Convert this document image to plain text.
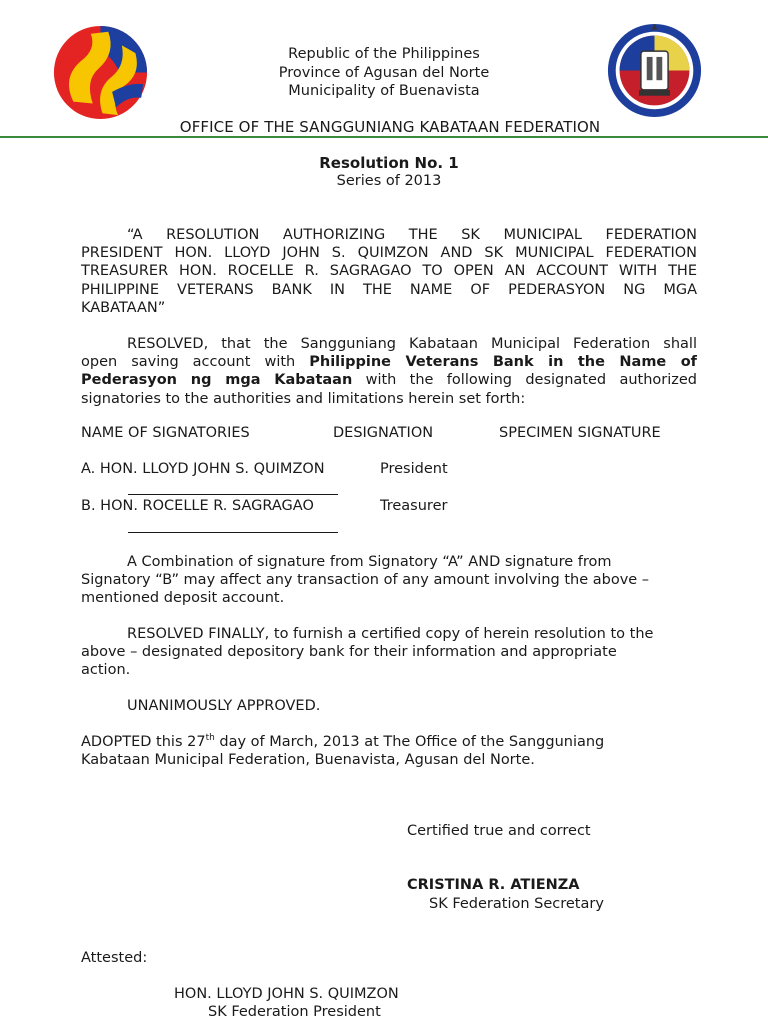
Republic of the Philippines
Province of Agusan del Norte
Municipality of Buenavista
OFFICE OF THE SANGGUNIANG KABATAAN FEDERATION
Resolution No. 1
Series of 2013
“A RESOLUTION AUTHORIZING THE SK MUNICIPAL FEDERATION
PRESIDENT HON. LLOYD JOHN S. QUIMZON AND SK MUNICIPAL FEDERATION
TREASURER HON. ROCELLE R. SAGRAGAO TO OPEN AN ACCOUNT WITH THE
PHILIPPINE VETERANS BANK IN THE NAME OF PEDERASYON NG MGA
KABATAAN”
RESOLVED, that the Sangguniang Kabataan Municipal Federation shall
open saving account with Philippine Veterans Bank in the Name of
Pederasyon ng mga Kabataan with the following designated authorized
signatories to the authorities and limitations herein set forth:
NAME OF SIGNATORIES	DESIGNATION	SPECIMEN SIGNATURE
A. HON. LLOYD JOHN S. QUIMZON	President
B. HON. ROCELLE R. SAGRAGAO	Treasurer
A Combination of signature from Signatory “A” AND signature from
Signatory “B” may affect any transaction of any amount involving the above –
mentioned deposit account.
RESOLVED FINALLY, to furnish a certified copy of herein resolution to the
above – designated depository bank for their information and appropriate
action.
UNANIMOUSLY APPROVED.
ADOPTED this 27th day of March, 2013 at The Office of the Sangguniang
Kabataan Municipal Federation, Buenavista, Agusan del Norte.
Certified true and correct
CRISTINA R. ATIENZA
SK Federation Secretary
Attested:
HON. LLOYD JOHN S. QUIMZON
SK Federation President
